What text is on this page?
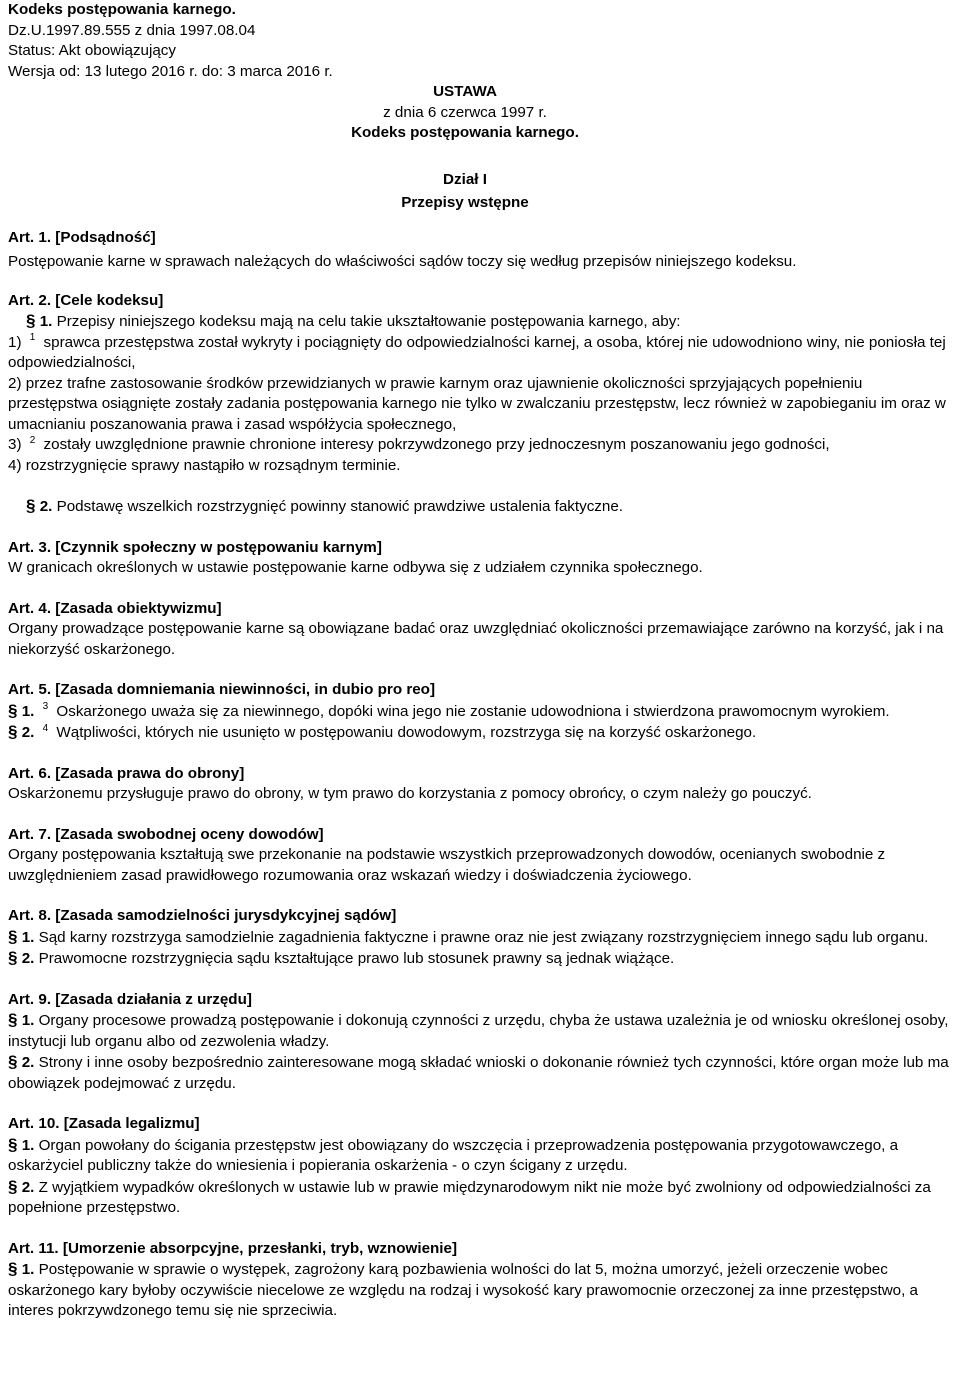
Kodeks postępowania karnego.

Dz.U.1997.89.555 z dnia 1997.08.04

Status: Akt obowiązujący

Wersja od: 13 lutego 2016 r. do: 3 marca 2016 r.

USTAWA

z dnia 6 czerwca 1997 r.

Kodeks postępowania karnego.

Dział I

Przepisy wstępne

Art. 1. [Podsądność]

Postępowanie karne w sprawach należących do właściwości sądów toczy się według przepisów niniejszego kodeksu.

Art. 2. [Cele kodeksu]

§ 1. Przepisy niniejszego kodeksu mają na celu takie ukształtowanie postępowania karnego, aby:

1) $^1$ sprawca przestępstwa został wykryty i pociągnięty do odpowiedzialności karnej, a osoba, której nie udowodniono winy, nie poniosła tej odpowiedzialności,

2) przez trafne zastosowanie środków przewidzianych w prawie karnym oraz ujawnienie okoliczności sprzyjających popełnieniu przestępstwa osiągnięte zostały zadania postępowania karnego nie tylko w zwalczaniu przestępstw, lecz również w zapobieganiu im oraz w umacnianiu poszanowania prawa i zasad współżycia społecznego,

3) $^2$ zostały uwzględnione prawnie chronione interesy pokrzywdzonego przy jednoczesnym poszanowaniu jego godności,

4) rozstrzygnięcie sprawy nastąpiło w rozsądnym terminie.

§ 2. Podstawę wszelkich rozstrzygnięć powinny stanowić prawdziwe ustalenia faktyczne.

Art. 3. [Czynnik społeczny w postępowaniu karnym]

W granicach określonych w ustawie postępowanie karne odbywa się z udziałem czynnika społecznego.

Art. 4. [Zasada obiektywizmu]

Organy prowadzące postępowanie karne są obowiązane badać oraz uwzględniać okoliczności przemawiające zarówno na korzyść, jak i na niekorzyść oskarżonego.

Art. 5. [Zasada domniemania niewinności, in dubio pro reo]

§ 1. $^3$ Oskarżonego uważa się za niewinnego, dopóki wina jego nie zostanie udowodniona i stwierdzona prawomocnym wyrokiem.

§ 2. $^4$ Wątpliwości, których nie usunięto w postępowaniu dowodowym, rozstrzyga się na korzyść oskarżonego.

Art. 6. [Zasada prawa do obrony]

Oskarżonemu przysługuje prawo do obrony, w tym prawo do korzystania z pomocy obrońcy, o czym należy go pouczyć.

Art. 7. [Zasada swobodnej oceny dowodów]

Organy postępowania kształtują swe przekonanie na podstawie wszystkich przeprowadzonych dowodów, ocenianych swobodnie z uwzględnieniem zasad prawidłowego rozumowania oraz wskazań wiedzy i doświadczenia życiowego.

Art. 8. [Zasada samodzielności jurysdykcyjnej sądów]

§ 1. Sąd karny rozstrzyga samodzielnie zagadnienia faktyczne i prawne oraz nie jest związany rozstrzygnięciem innego sądu lub organu.

§ 2. Prawomocne rozstrzygnięcia sądu kształtujące prawo lub stosunek prawny są jednak wiążące.

Art. 9. [Zasada działania z urzędu]

§ 1. Organy procesowe prowadzą postępowanie i dokonują czynności z urzędu, chyba że ustawa uzależnia je od wniosku określonej osoby, instytucji lub organu albo od zezwolenia władzy.

§ 2. Strony i inne osoby bezpośrednio zainteresowane mogą składać wnioski o dokonanie również tych czynności, które organ może lub ma obowiązek podejmować z urzędu.

Art. 10. [Zasada legalizmu]

§ 1. Organ powołany do ścigania przestępstw jest obowiązany do wszczęcia i przeprowadzenia postępowania przygotowawczego, a oskarżyciel publiczny także do wniesienia i popierania oskarżenia - o czyn ścigany z urzędu.

§ 2. Z wyjątkiem wypadków określonych w ustawie lub w prawie międzynarodowym nikt nie może być zwolniony od odpowiedzialności za popełnione przestępstwo.

Art. 11. [Umorzenie absorpcyjne, przesłanki, tryb, wznowienie]

§ 1. Postępowanie w sprawie o występek, zagrożony karą pozbawienia wolności do lat 5, można umorzyć, jeżeli orzeczenie wobec oskarżonego kary byłoby oczywiście niecelowe ze względu na rodzaj i wysokość kary prawomocnie orzeczonej za inne przestępstwo, a interes pokrzywdzonego temu się nie sprzeciwia.
